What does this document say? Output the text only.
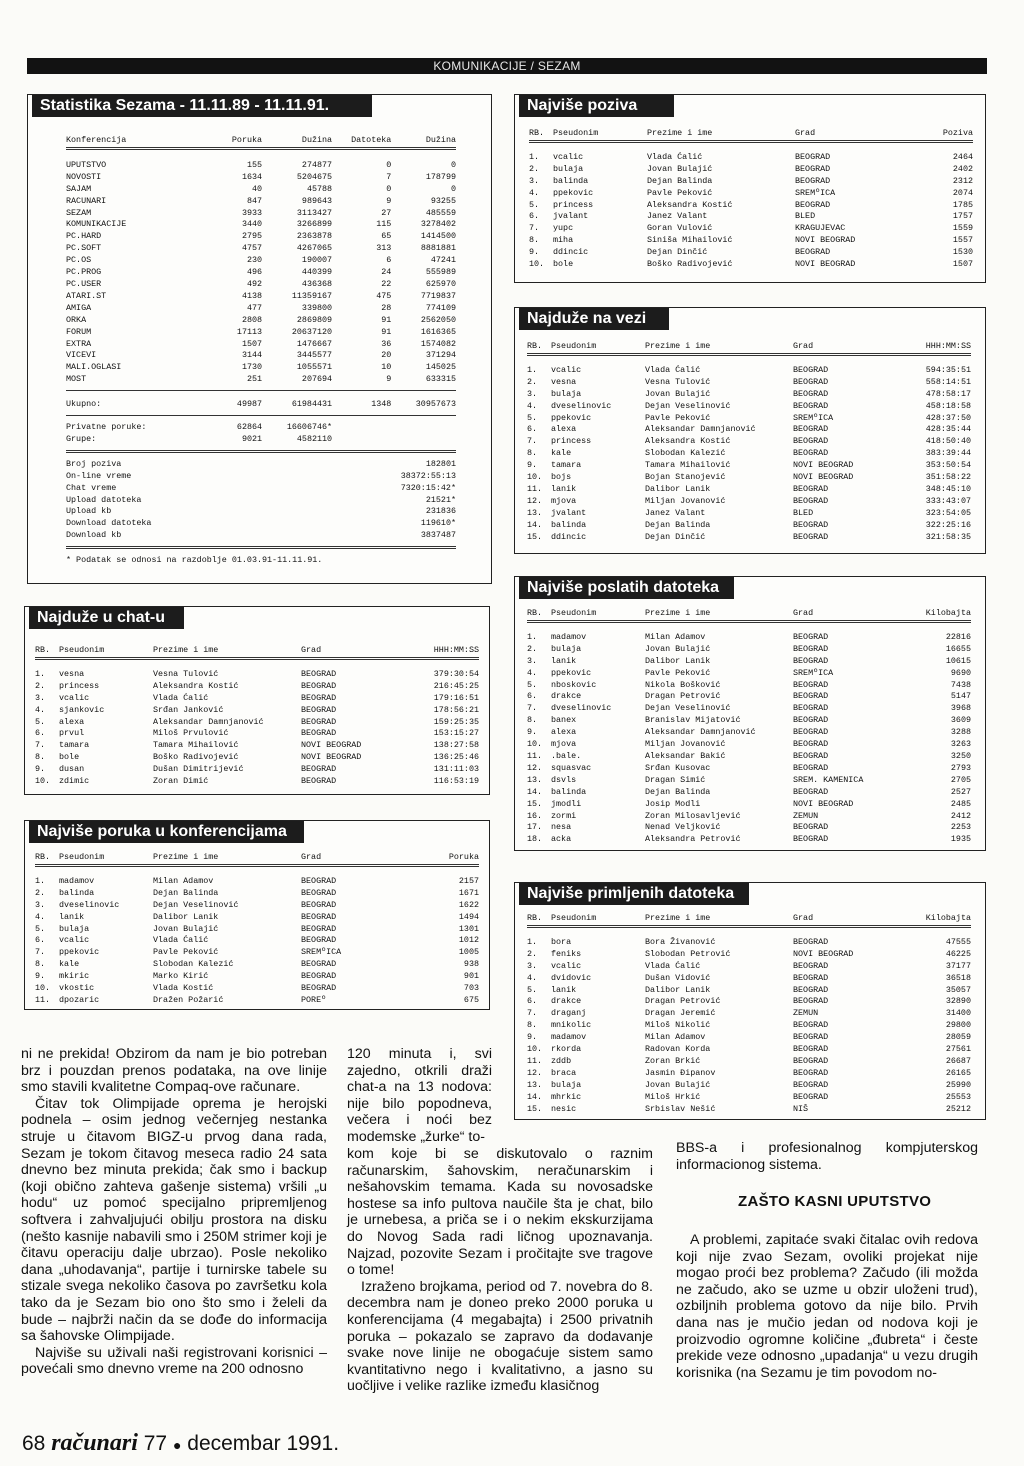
KOMUNIKACIJE / SEZAM
Statistika Sezama - 11.11.89 - 11.11.91.
Konferencija	Poruka	Dužina	Datoteka	Dužina

UPUTSTVO	155	274877	0	0
NOVOSTI	1634	5204675	7	178799
SAJAM	40	45788	0	0
RACUNARI	847	989643	9	93255
SEZAM	3933	3113427	27	485559
KOMUNIKACIJE	3440	3266899	115	3278402
PC.HARD	2795	2363878	65	1414500
PC.SOFT	4757	4267065	313	8881881
PC.OS	230	190007	6	47241
PC.PROG	496	440399	24	555989
PC.USER	492	436368	22	625970
ATARI.ST	4138	11359167	475	7719837
AMIGA	477	339800	28	774109
ORKA	2808	2869809	91	2562050
FORUM	17113	20637120	91	1616365
EXTRA	1507	1476667	36	1574082
VICEVI	3144	3445577	20	371294
MALI.OGLASI	1730	1055571	10	145025
MOST	251	207694	9	633315

Ukupno:	49987	61984431	1348	30957673

Privatne poruke:	62864	16606746*		
Grupe:	9021	4582110		

Broj poziva				182801
On-line vreme				38372:55:13
Chat vreme				7320:15:42*
Upload datoteka				21521*
Upload kb				231836
Download datoteka				119610*
Download kb				3837487

* Podatak se odnosi na razdoblje 01.03.91-11.11.91.				
Najviše poziva
RB.	Pseudonim	Prezime i ime	Grad	Poziva

1.	vcalic	Vlada Ćalić	BEOGRAD	2464
2.	bulaja	Jovan Bulajić	BEOGRAD	2402
3.	balinda	Dejan Balinda	BEOGRAD	2312
4.	ppekovic	Pavle Peković	SREMºICA	2074
5.	princess	Aleksandra Kostić	BEOGRAD	1785
6.	jvalant	Janez Valant	BLED	1757
7.	yupc	Goran Vulović	KRAGUJEVAC	1559
8.	miha	Siniša Mihailović	NOVI BEOGRAD	1557
9.	ddincic	Dejan Dinčić	BEOGRAD	1530
10.	bole	Boško Radivojević	NOVI BEOGRAD	1507
Najduže na vezi
RB.	Pseudonim	Prezime i ime	Grad	HHH:MM:SS

1.	vcalic	Vlada Ćalić	BEOGRAD	594:35:51
2.	vesna	Vesna Tulović	BEOGRAD	558:14:51
3.	bulaja	Jovan Bulajić	BEOGRAD	478:58:17
4.	dveselinovic	Dejan Veselinović	BEOGRAD	458:18:58
5.	ppekovic	Pavle Peković	SREMºICA	428:37:50
6.	alexa	Aleksandar Damnjanović	BEOGRAD	428:35:44
7.	princess	Aleksandra Kostić	BEOGRAD	418:50:40
8.	kale	Slobodan Kalezić	BEOGRAD	383:39:44
9.	tamara	Tamara Mihailović	NOVI BEOGRAD	353:50:54
10.	bojs	Bojan Stanojević	NOVI BEOGRAD	351:58:22
11.	lanik	Dalibor Lanik	BEOGRAD	348:45:10
12.	mjova	Miljan Jovanović	BEOGRAD	333:43:07
13.	jvalant	Janez Valant	BLED	323:54:05
14.	balinda	Dejan Balinda	BEOGRAD	322:25:16
15.	ddincic	Dejan Dinčić	BEOGRAD	321:58:35
Najviše poslatih datoteka
RB.	Pseudonim	Prezime i ime	Grad	Kilobajta

1.	madamov	Milan Adamov	BEOGRAD	22816
2.	bulaja	Jovan Bulajić	BEOGRAD	16655
3.	lanik	Dalibor Lanik	BEOGRAD	10615
4.	ppekovic	Pavle Peković	SREMºICA	9690
5.	nboskovic	Nikola Bošković	BEOGRAD	7438
6.	drakce	Dragan Petrović	BEOGRAD	5147
7.	dveselinovic	Dejan Veselinović	BEOGRAD	3968
8.	banex	Branislav Mijatović	BEOGRAD	3609
9.	alexa	Aleksandar Damnjanović	BEOGRAD	3288
10.	mjova	Miljan Jovanović	BEOGRAD	3263
11.	.bale.	Aleksandar Bakić	BEOGRAD	3250
12.	squasvac	Srđan Kusovac	BEOGRAD	2793
13.	dsvls	Dragan Simić	SREM. KAMENICA	2705
14.	balinda	Dejan Balinda	BEOGRAD	2527
15.	jmodli	Josip Modli	NOVI BEOGRAD	2485
16.	zormi	Zoran Milosavljević	ZEMUN	2412
17.	nesa	Nenad Veljković	BEOGRAD	2253
18.	acka	Aleksandra Petrović	BEOGRAD	1935
Najviše primljenih datoteka
RB.	Pseudonim	Prezime i ime	Grad	Kilobajta

1.	bora	Bora Živanović	BEOGRAD	47555
2.	feniks	Slobodan Petrović	NOVI BEOGRAD	46225
3.	vcalic	Vlada Ćalić	BEOGRAD	37177
4.	dvidovic	Dušan Vidović	BEOGRAD	36518
5.	lanik	Dalibor Lanik	BEOGRAD	35057
6.	drakce	Dragan Petrović	BEOGRAD	32890
7.	draganj	Dragan Jeremić	ZEMUN	31400
8.	mnikolic	Miloš Nikolić	BEOGRAD	29800
9.	madamov	Milan Adamov	BEOGRAD	28059
10.	rkorda	Radovan Korda	BEOGRAD	27561
11.	zddb	Zoran Brkić	BEOGRAD	26687
12.	braca	Jasmin Đipanov	BEOGRAD	26165
13.	bulaja	Jovan Bulajić	BEOGRAD	25990
14.	mhrkic	Miloš Hrkić	BEOGRAD	25553
15.	nesic	Srbislav Nešić	NIŠ	25212
Najduže u chat-u
RB.	Pseudonim	Prezime i ime	Grad	HHH:MM:SS

1.	vesna	Vesna Tulović	BEOGRAD	379:30:54
2.	princess	Aleksandra Kostić	BEOGRAD	216:45:25
3.	vcalic	Vlada Ćalić	BEOGRAD	179:16:51
4.	sjankovic	Srđan Janković	BEOGRAD	178:56:21
5.	alexa	Aleksandar Damnjanović	BEOGRAD	159:25:35
6.	prvul	Miloš Prvulović	BEOGRAD	153:15:27
7.	tamara	Tamara Mihailović	NOVI BEOGRAD	138:27:58
8.	bole	Boško Radivojević	NOVI BEOGRAD	136:25:46
9.	dusan	Dušan Dimitrijević	BEOGRAD	131:11:03
10.	zdimic	Zoran Dimić	BEOGRAD	116:53:19
Najviše poruka u konferencijama
RB.	Pseudonim	Prezime i ime	Grad	Poruka

1.	madamov	Milan Adamov	BEOGRAD	2157
2.	balinda	Dejan Balinda	BEOGRAD	1671
3.	dveselinovic	Dejan Veselinović	BEOGRAD	1622
4.	lanik	Dalibor Lanik	BEOGRAD	1494
5.	bulaja	Jovan Bulajić	BEOGRAD	1301
6.	vcalic	Vlada Ćalić	BEOGRAD	1012
7.	ppekovic	Pavle Peković	SREMºICA	1005
8.	kale	Slobodan Kalezić	BEOGRAD	938
9.	mkiric	Marko Kirić	BEOGRAD	901
10.	vkostic	Vlada Kostić	BEOGRAD	703
11.	dpozaric	Dražen Požarić	POREº	675

ni ne prekida! Obzirom da nam je bio potreban brz i pouzdan prenos podataka, na ove linije smo stavili kvalitetne Compaq-ove računare.

Čitav tok Olimpijade oprema je herojski podnela – osim jednog večernjeg nestanka struje u čitavom BIGZ-u prvog dana rada, Sezam je tokom čitavog meseca radio 24 sata dnevno bez minuta prekida; čak smo i backup (koji obično zahteva gašenje sistema) vršili „u hodu“ uz pomoć specijalno pripremljenog softvera i zahvaljujući obilju prostora na disku (nešto kasnije nabavili smo i 250M strimer koji je čitavu operaciju dalje ubrzao). Posle nekoliko dana „uhodavanja“, partije i turnirske tabele su stizale svega nekoliko časova po završetku kola tako da je Sezam bio ono što smo i želeli da bude – najbrži način da se dođe do informacija sa šahovske Olimpijade.

Najviše su uživali naši registrovani korisnici – povećali smo dnevno vreme na 200 odnosno

120 minuta i, svi zajedno, otkrili draži chat-a na 13 nodova: nije bilo popodneva, večera i noći bez modemske „žurke“ to-

kom koje bi se diskutovalo o raznim računarskim, šahovskim, neračunarskim i nešahovskim temama. Kada su novosadske hostese sa info pultova naučile šta je chat, bilo je urnebesa, a priča se i o nekim ekskurzijama do Novog Sada radi ličnog upoznavanja. Najzad, pozovite Sezam i pročitajte sve tragove o tome!

Izraženo brojkama, period od 7. novebra do 8. decembra nam je doneo preko 2000 poruka u konferencijama (4 megabajta) i 2500 privatnih poruka – pokazalo se zapravo da dodavanje svake nove linije ne obogaćuje sistem samo kvantitativno nego i kvalitativno, a jasno su uočljive i velike razlike između klasičnog

BBS-a i profesionalnog kompjuterskog informacionog sistema.

ZAŠTO KASNI UPUTSTVO

A problemi, zapitaće svaki čitalac ovih redova koji nije zvao Sezam, ovoliki projekat nije mogao proći bez problema? Začudo (ili možda ne začudo, ako se uzme u obzir uloženi trud), ozbiljnih problema gotovo da nije bilo. Prvih dana nas je mučio jedan od nodova koji je proizvodio ogromne količine „đubreta“ i česte prekide veze odnosno „upadanja“ u vezu drugih korisnika (na Sezamu je tim povodom no-

68 računari 77 ● decembar 1991.
